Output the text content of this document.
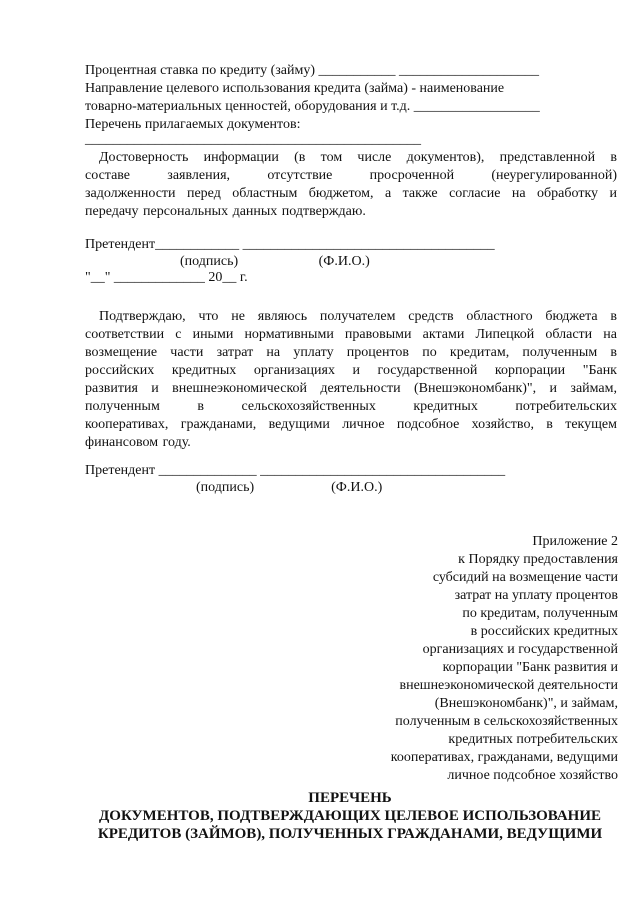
Процентная ставка по кредиту (займу) ___________ ____________________
Направление целевого использования кредита (займа) - наименование
товарно-материальных ценностей, оборудования и т.д. __________________
Перечень прилагаемых документов:
________________________________________________
Достоверность информации (в том числе документов), представленной в
составе заявления, отсутствие просроченной (неурегулированной)
задолженности перед областным бюджетом, а также согласие на обработку и
передачу персональных данных подтверждаю.
Претендент____________ ____________________________________
(подпись)                       (Ф.И.О.)
"__" _____________ 20__ г.
Подтверждаю, что не являюсь получателем средств областного бюджета в
соответствии с иными нормативными правовыми актами Липецкой области на
возмещение части затрат на уплату процентов по кредитам, полученным в
российских кредитных организациях и государственной корпорации "Банк
развития и внешнеэкономической деятельности (Внешэкономбанк)", и займам,
полученным в сельскохозяйственных кредитных потребительских
кооперативах, гражданами, ведущими личное подсобное хозяйство, в текущем
финансовом году.
Претендент ______________ ___________________________________
(подпись)                      (Ф.И.О.)
Приложение 2
к Порядку предоставления
субсидий на возмещение части
затрат на уплату процентов
по кредитам, полученным
в российских кредитных
организациях и государственной
корпорации "Банк развития и
внешнеэкономической деятельности
(Внешэкономбанк)", и займам,
полученным в сельскохозяйственных
кредитных потребительских
кооперативах, гражданами, ведущими
личное подсобное хозяйство
ПЕРЕЧЕНЬ
ДОКУМЕНТОВ, ПОДТВЕРЖДАЮЩИХ ЦЕЛЕВОЕ ИСПОЛЬЗОВАНИЕ
КРЕДИТОВ (ЗАЙМОВ), ПОЛУЧЕННЫХ ГРАЖДАНАМИ, ВЕДУЩИМИ
